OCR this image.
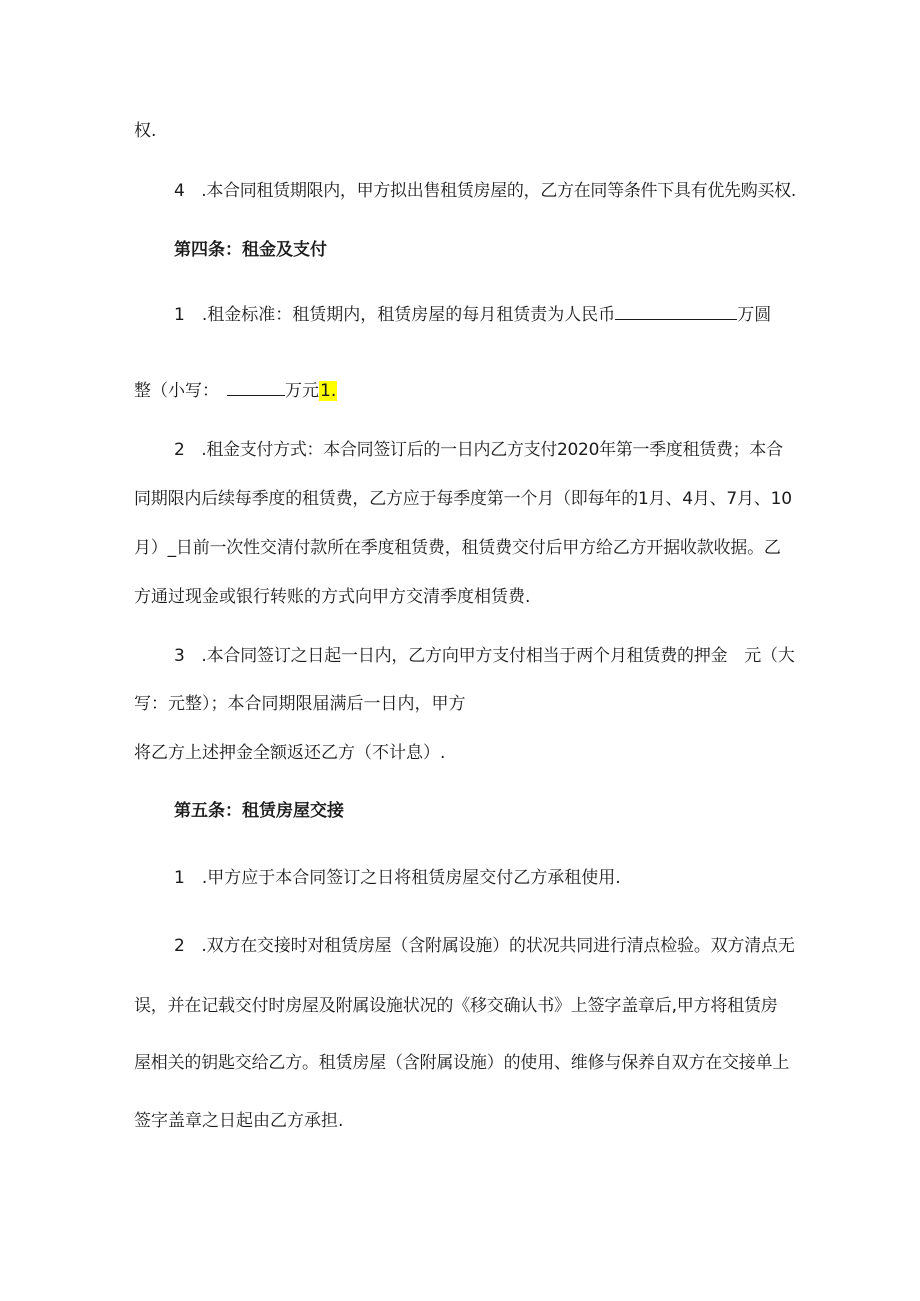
权.
4　.本合同租赁期限内，甲方拟出售租赁房屋的，乙方在同等条件下具有优先购买权.
第四条：租金及支付
1　.租金标准：租赁期内，租赁房屋的每月租赁责为人民币	万圆
整（小写：	万元1.
2　.租金支付方式：本合同签订后的一日内乙方支付2020年第一季度租赁费；本合
同期限内后续每季度的租赁费，乙方应于每季度第一个月（即每年的1月、4月、7月、10
月）_日前一次性交清付款所在季度租赁费，租赁费交付后甲方给乙方开据收款收据。乙
方通过现金或银行转账的方式向甲方交清季度相赁费.
3　.本合同签订之日起一日内，乙方向甲方支付相当于两个月租赁费的押金　元（大
写：元整）；本合同期限届满后一日内，甲方
将乙方上述押金全额返还乙方（不计息）.
第五条：租赁房屋交接
1　.甲方应于本合同签订之日将租赁房屋交付乙方承租使用.
2　.双方在交接时对租赁房屋（含附属设施）的状况共同进行清点检验。双方清点无
误，并在记载交付时房屋及附属设施状况的《移交确认书》上签字盖章后,甲方将租赁房
屋相关的钥匙交给乙方。租赁房屋（含附属设施）的使用、维修与保养自双方在交接单上
签字盖章之日起由乙方承担.
